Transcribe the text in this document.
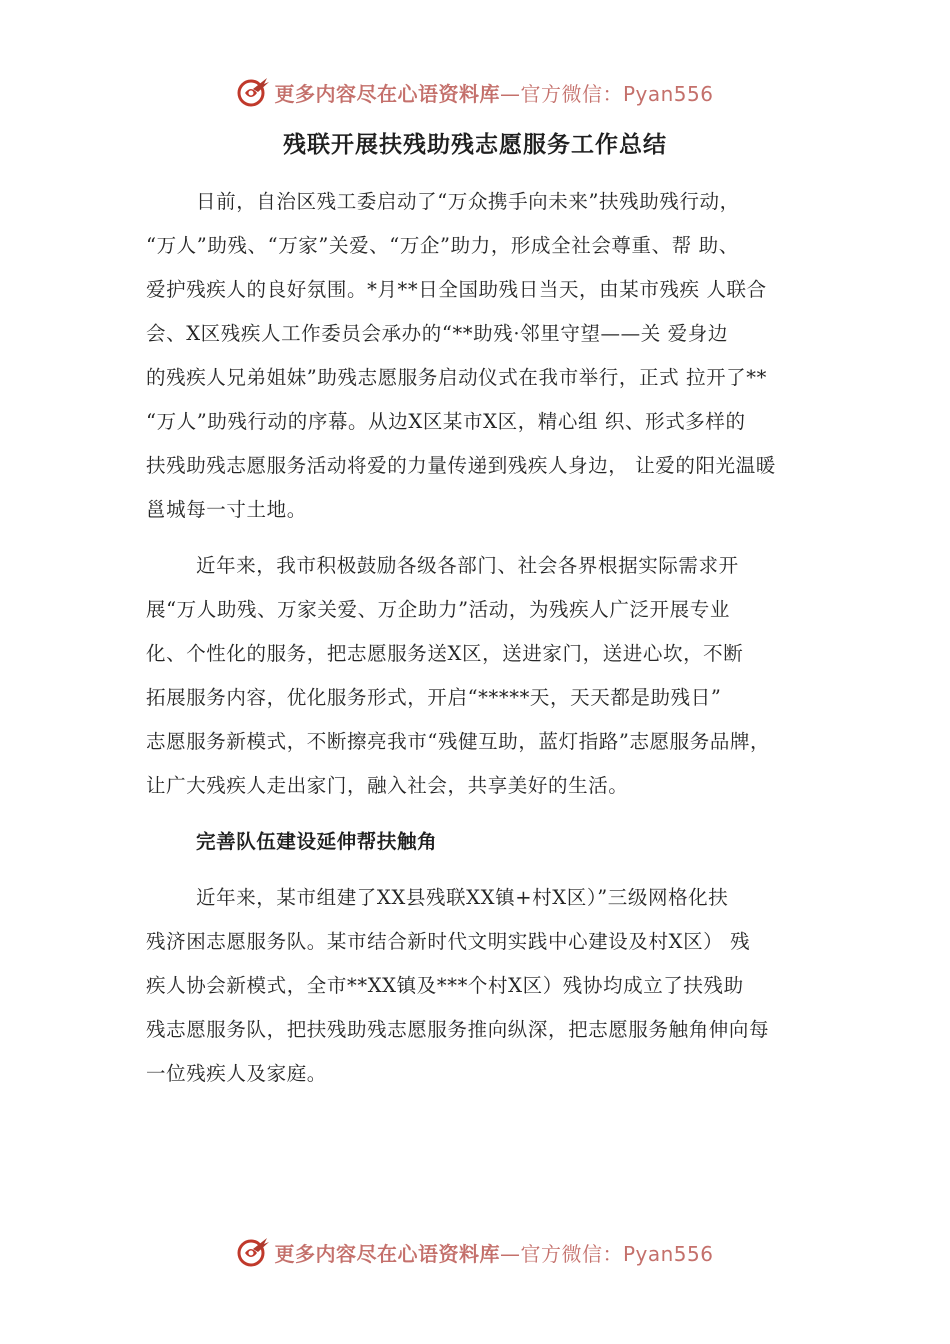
更多内容尽在心语资料库—官方微信：Pyan556
残联开展扶残助残志愿服务工作总结
日前，自治区残工委启动了“万众携手向未来”扶残助残行动，
“万人”助残、“万家”关爱、“万企”助力，形成全社会尊重、帮 助、
爱护残疾人的良好氛围。*月**日全国助残日当天，由某市残疾 人联合
会、X区残疾人工作委员会承办的“**助残·邻里守望——关 爱身边
的残疾人兄弟姐妹”助残志愿服务启动仪式在我市举行，正式 拉开了**
“万人”助残行动的序幕。从边X区某市X区，精心组 织、形式多样的
扶残助残志愿服务活动将爱的力量传递到残疾人身边， 让爱的阳光温暖
邕城每一寸土地。
近年来，我市积极鼓励各级各部门、社会各界根据实际需求开
展“万人助残、万家关爱、万企助力”活动，为残疾人广泛开展专业
化、个性化的服务，把志愿服务送X区，送进家门，送进心坎，不断
拓展服务内容，优化服务形式，开启“*****天，天天都是助残日”
志愿服务新模式，不断擦亮我市“残健互助，蓝灯指路”志愿服务品牌，
让广大残疾人走出家门，融入社会，共享美好的生活。
完善队伍建设延伸帮扶触角
近年来，某市组建了XX县残联XX镇+村X区）”三级网格化扶
残济困志愿服务队。某市结合新时代文明实践中心建设及村X区） 残
疾人协会新模式，全市**XX镇及***个村X区）残协均成立了扶残助
残志愿服务队，把扶残助残志愿服务推向纵深，把志愿服务触角伸向每
一位残疾人及家庭。
更多内容尽在心语资料库—官方微信：Pyan556
